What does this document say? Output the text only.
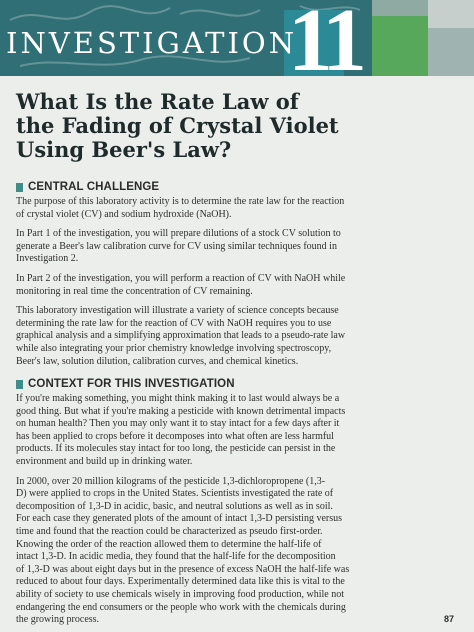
INVESTIGATION
11
What Is the Rate Law of
the Fading of Crystal Violet
Using Beer's Law?
CENTRAL CHALLENGE

The purpose of this laboratory activity is to determine the rate law for the reaction
of crystal violet (CV) and sodium hydroxide (NaOH).

In Part 1 of the investigation, you will prepare dilutions of a stock CV solution to
generate a Beer's law calibration curve for CV using similar techniques found in
Investigation 2.

In Part 2 of the investigation, you will perform a reaction of CV with NaOH while
monitoring in real time the concentration of CV remaining.

This laboratory investigation will illustrate a variety of science concepts because
determining the rate law for the reaction of CV with NaOH requires you to use
graphical analysis and a simplifying approximation that leads to a pseudo-rate law
while also integrating your prior chemistry knowledge involving spectroscopy,
Beer's law, solution dilution, calibration curves, and chemical kinetics.

CONTEXT FOR THIS INVESTIGATION

If you're making something, you might think making it to last would always be a
good thing. But what if you're making a pesticide with known detrimental impacts
on human health? Then you may only want it to stay intact for a few days after it
has been applied to crops before it decomposes into what often are less harmful
products. If its molecules stay intact for too long, the pesticide can persist in the
environment and build up in drinking water.

In 2000, over 20 million kilograms of the pesticide 1,3-dichloropropene (1,3-
D) were applied to crops in the United States. Scientists investigated the rate of
decomposition of 1,3-D in acidic, basic, and neutral solutions as well as in soil.
For each case they generated plots of the amount of intact 1,3-D persisting versus
time and found that the reaction could be characterized as pseudo first-order.
Knowing the order of the reaction allowed them to determine the half-life of
intact 1,3-D. In acidic media, they found that the half-life for the decomposition
of 1,3-D was about eight days but in the presence of excess NaOH the half-life was
reduced to about four days. Experimentally determined data like this is vital to the
ability of society to use chemicals wisely in improving food production, while not
endangering the end consumers or the people who work with the chemicals during
the growing process.	87
